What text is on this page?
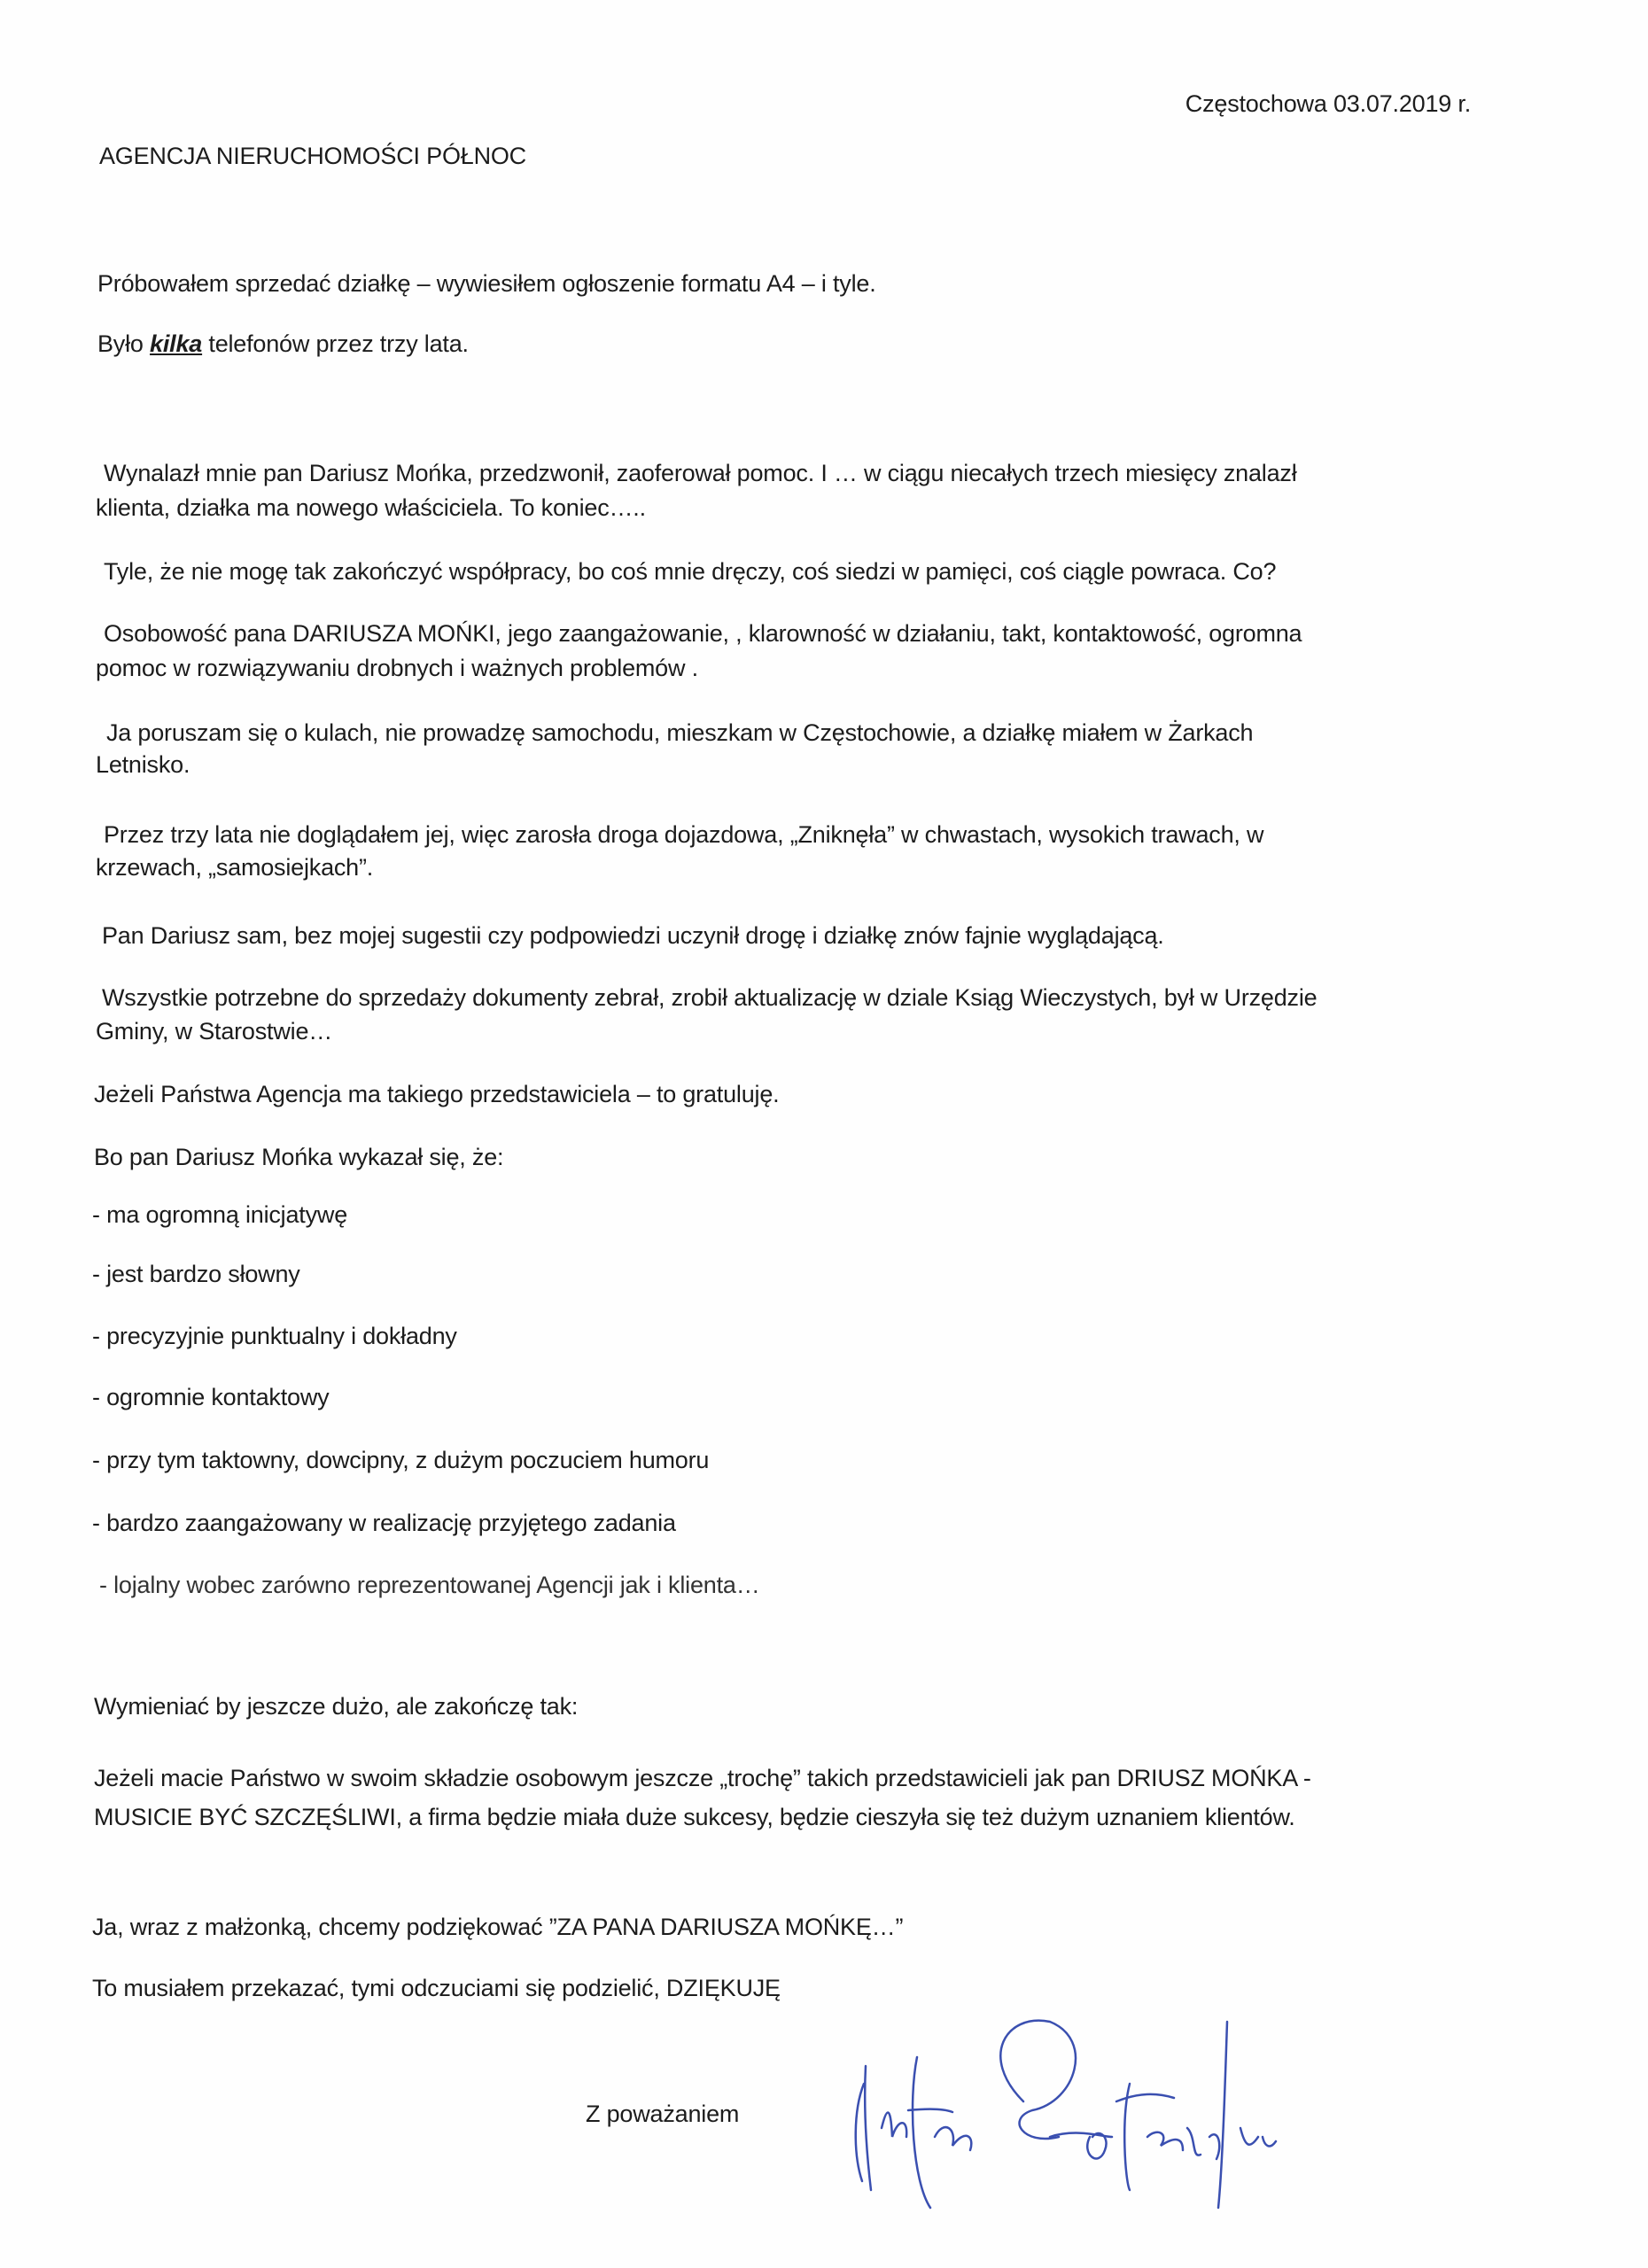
Częstochowa 03.07.2019 r.
AGENCJA NIERUCHOMOŚCI PÓŁNOC
Próbowałem sprzedać działkę – wywiesiłem ogłoszenie formatu A4 – i tyle.
Było kilka telefonów przez trzy lata.
Wynalazł mnie pan Dariusz Mońka, przedzwonił, zaoferował pomoc. I … w ciągu niecałych trzech miesięcy znalazł
klienta, działka ma nowego właściciela. To koniec…..
Tyle, że nie mogę tak zakończyć współpracy, bo coś mnie dręczy, coś siedzi w pamięci, coś ciągle powraca. Co?
Osobowość pana DARIUSZA MOŃKI, jego zaangażowanie, , klarowność w działaniu, takt, kontaktowość, ogromna
pomoc w rozwiązywaniu drobnych i ważnych problemów .
Ja poruszam się o kulach, nie prowadzę samochodu, mieszkam w Częstochowie, a działkę miałem w Żarkach
Letnisko.
Przez trzy lata nie doglądałem jej, więc zarosła droga dojazdowa, „Zniknęła” w chwastach, wysokich trawach, w
krzewach, „samosiejkach”.
Pan Dariusz sam, bez mojej sugestii czy podpowiedzi uczynił drogę i działkę znów fajnie wyglądającą.
Wszystkie potrzebne do sprzedaży dokumenty zebrał, zrobił aktualizację w dziale Ksiąg Wieczystych, był w Urzędzie
Gminy, w Starostwie…
Jeżeli Państwa Agencja ma takiego przedstawiciela – to gratuluję.
Bo pan Dariusz Mońka wykazał się, że:
- ma ogromną inicjatywę
- jest bardzo słowny
- precyzyjnie punktualny i dokładny
- ogromnie kontaktowy
- przy tym taktowny, dowcipny, z dużym poczuciem humoru
- bardzo zaangażowany w realizację przyjętego zadania
- lojalny wobec zarówno reprezentowanej Agencji jak i klienta…
Wymieniać by jeszcze dużo, ale zakończę tak:
Jeżeli macie Państwo w swoim składzie osobowym jeszcze „trochę” takich przedstawicieli jak pan DRIUSZ MOŃKA -
MUSICIE BYĆ SZCZĘŚLIWI, a firma będzie miała duże sukcesy, będzie cieszyła się też dużym uznaniem klientów.
Ja, wraz z małżonką, chcemy podziękować ”ZA PANA DARIUSZA MOŃKĘ…”
To musiałem przekazać, tymi odczuciami się podzielić, DZIĘKUJĘ
Z poważaniem
